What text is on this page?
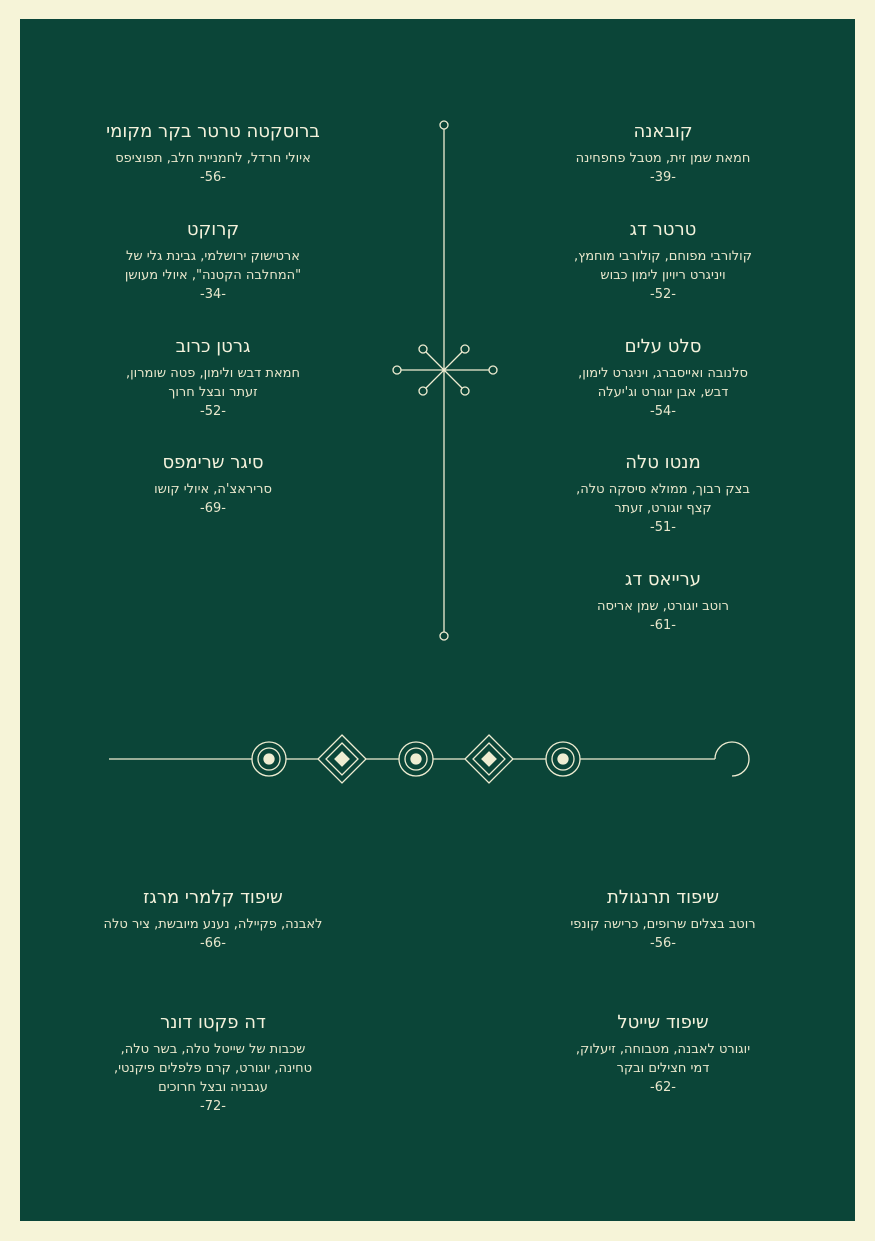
ברוסקטה טרטר בקר מקומי
איולי חרדל, לחמניית חלב, תפוציפס
-56-
קרוקט
ארטישוק ירושלמי, גבינת גלי של
"המחלבה הקטנה", איולי מעושן
-34-
גרטן כרוב
חמאת דבש ולימון, פטה שומרון,
זעתר ובצל חרוך
-52-
סיגר שרימפס
סריראצ'ה, איולי קושו
-69-
קובאנה
חמאת שמן זית, מטבל פחפחינה
-39-
טרטר דג
קולורבי מפוחם, קולורבי מוחמץ,
ויניגרט ריויון לימון כבוש
-52-
סלט עלים
סלנובה ואייסברג, ויניגרט לימון,
דבש, אבן יוגורט וג'יעלה
-54-
מנטו טלה
בצק רבוך, ממולא סיסקה טלה,
קצף יוגורט, זעתר
-51-
ערייאס דג
רוטב יוגורט, שמן אריסה
-61-
שיפוד קלמרי מרגז
לאבנה, פקיילה, נענע מיובשת, ציר טלה
-66-
דה פקטו דונר
שכבות של שייטל טלה, בשר טלה,
טחינה, יוגורט, קרם פלפלים פיקנטי,
עגבניה ובצל חרוכים
-72-
שיפוד תרנגולת
רוטב בצלים שרופים, כרישה קונפי
-56-
שיפוד שייטל
יוגורט לאבנה, מטבוחה, זיעלוק,
דמי חצילים ובקר
-62-
